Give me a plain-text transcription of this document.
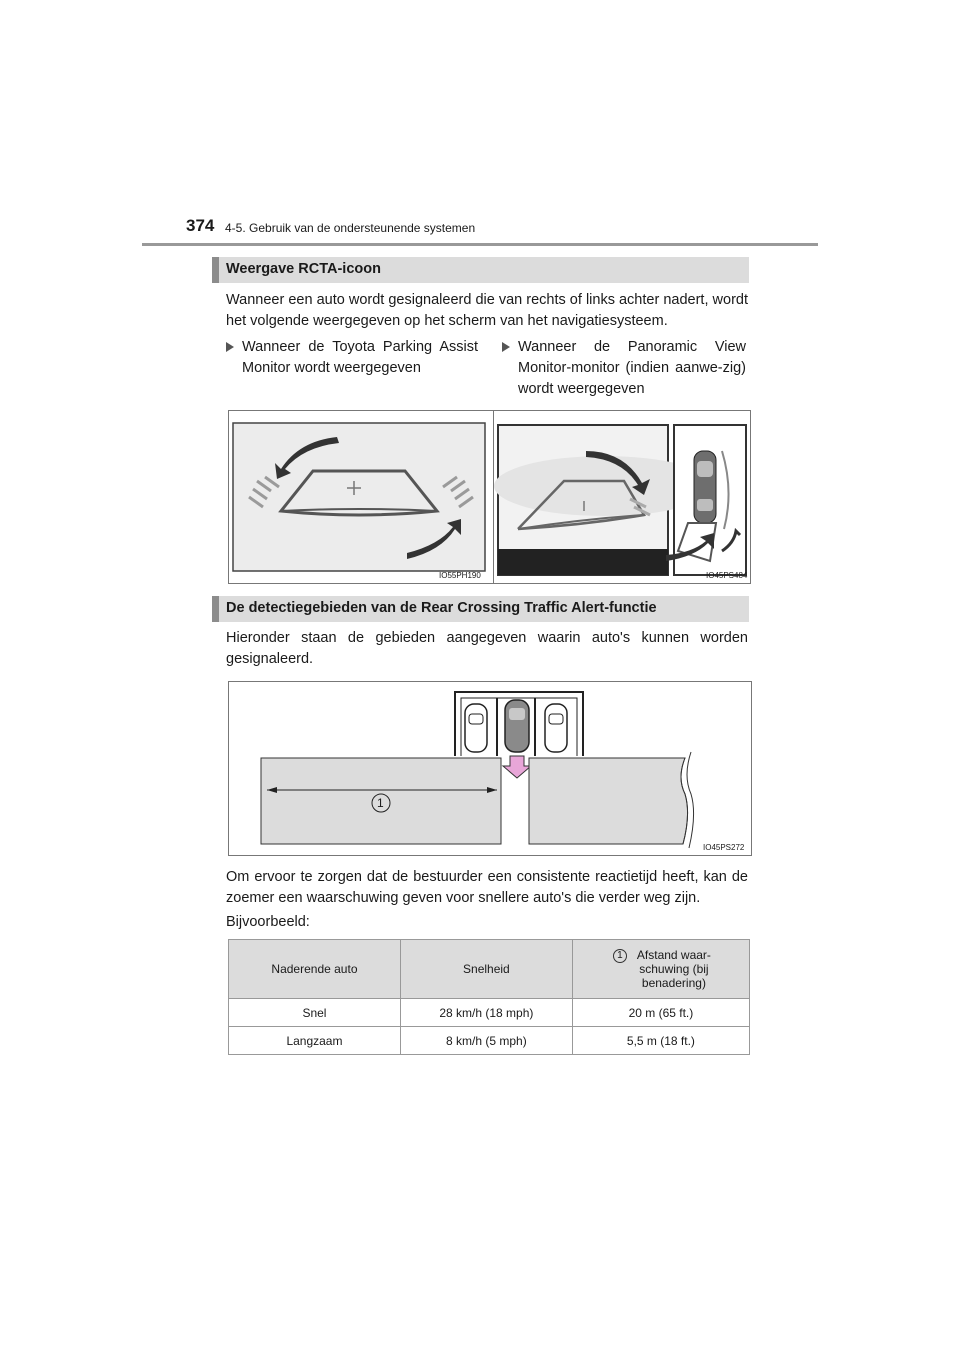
374 4-5. Gebruik van de ondersteunende systemen
Weergave RCTA-icoon
Wanneer een auto wordt gesignaleerd die van rechts of links achter nadert, wordt het volgende weergegeven op het scherm van het navigatiesysteem.
Wanneer de Toyota Parking Assist Monitor wordt weergegeven
Wanneer de Panoramic View Monitor-monitor (indien aanwe-zig) wordt weergegeven
IO55PH190	IO45PS484
De detectiegebieden van de Rear Crossing Traffic Alert-functie
Hieronder staan de gebieden aangegeven waarin auto's kunnen worden gesignaleerd.
1
IO45PS272
Om ervoor te zorgen dat de bestuurder een consistente reactietijd heeft, kan de zoemer een waarschuwing geven voor snellere auto's die verder weg zijn.
Bijvoorbeeld:
Naderende auto	Snelheid	1 Afstand waar-schuwing (bij benadering)

Snel	28 km/h (18 mph)	20 m (65 ft.)
Langzaam	8 km/h (5 mph)	5,5 m (18 ft.)
